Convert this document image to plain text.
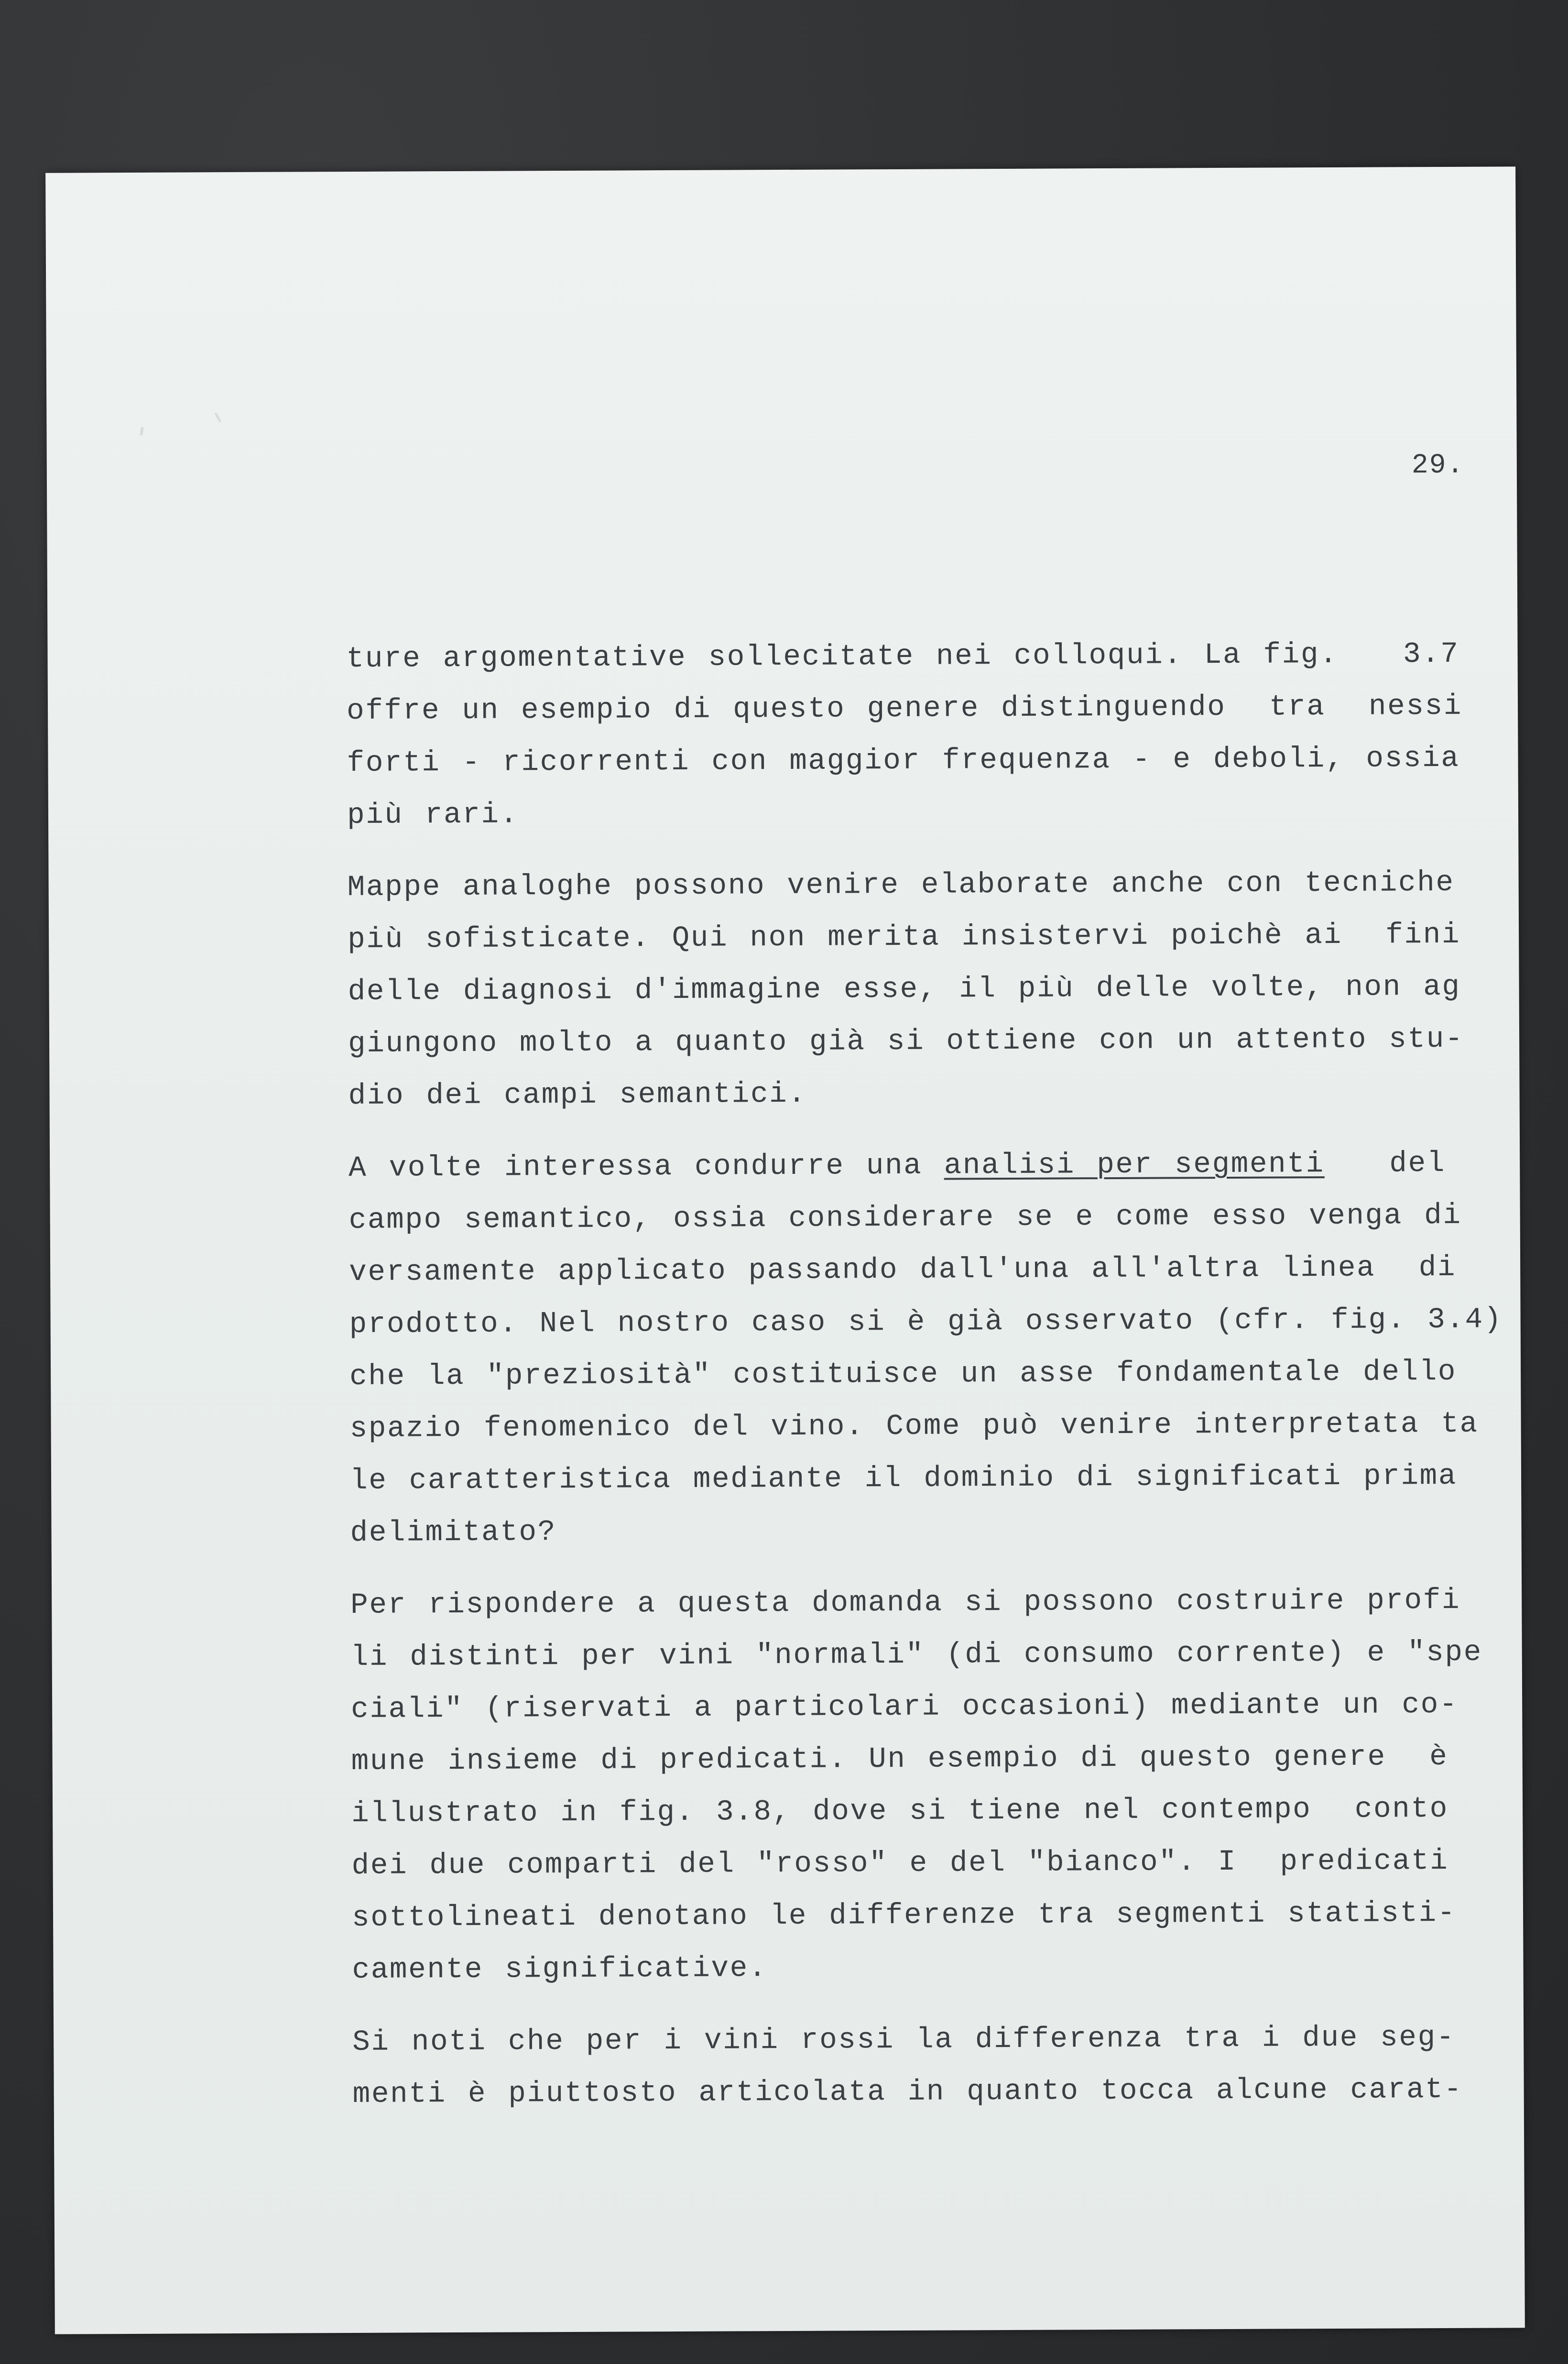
29.

ture argomentative sollecitate nei colloqui. La fig.   3.7
offre un esempio di questo genere distinguendo  tra  nessi
forti - ricorrenti con maggior frequenza - e deboli, ossia
più rari.

Mappe analoghe possono venire elaborate anche con tecniche
più sofisticate. Qui non merita insistervi poichè ai  fini
delle diagnosi d'immagine esse, il più delle volte, non ag
giungono molto a quanto già si ottiene con un attento stu-
dio dei campi semantici.

A volte interessa condurre una analisi per segmenti   del
campo semantico, ossia considerare se e come esso venga di
versamente applicato passando dall'una all'altra linea  di
prodotto. Nel nostro caso si è già osservato (cfr. fig. 3.4)
che la "preziosità" costituisce un asse fondamentale dello
spazio fenomenico del vino. Come può venire interpretata ta
le caratteristica mediante il dominio di significati prima
delimitato?

Per rispondere a questa domanda si possono costruire profi
li distinti per vini "normali" (di consumo corrente) e "spe
ciali" (riservati a particolari occasioni) mediante un co-
mune insieme di predicati. Un esempio di questo genere  è
illustrato in fig. 3.8, dove si tiene nel contempo  conto
dei due comparti del "rosso" e del "bianco". I  predicati
sottolineati denotano le differenze tra segmenti statisti-
camente significative.

Si noti che per i vini rossi la differenza tra i due seg-
menti è piuttosto articolata in quanto tocca alcune carat-
